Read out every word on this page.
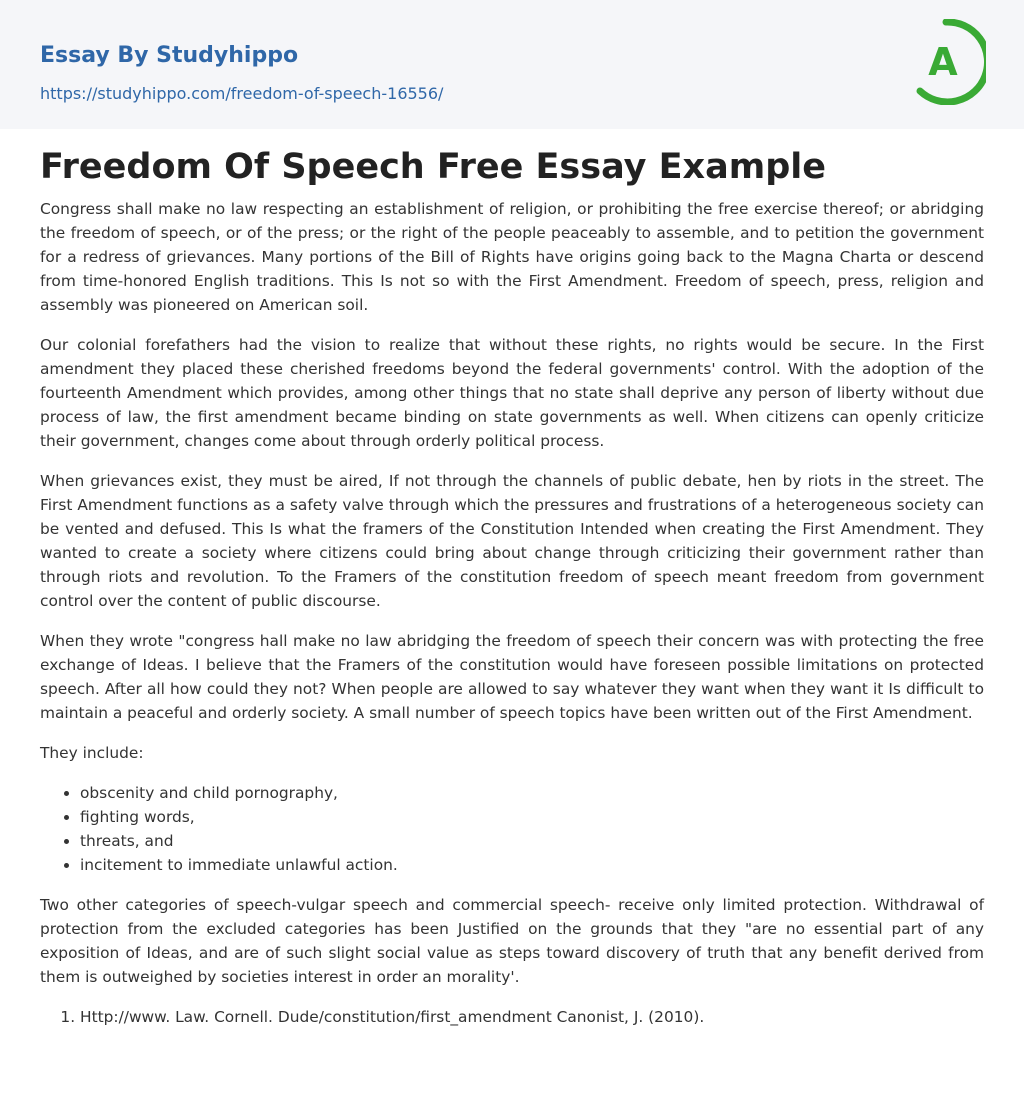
Essay By Studyhippo
https://studyhippo.com/freedom-of-speech-16556/
A
Freedom Of Speech Free Essay Example

Congress shall make no law respecting an establishment of religion, or prohibiting the free exercise thereof; or abridging the freedom of speech, or of the press; or the right of the people peaceably to assemble, and to petition the government for a redress of grievances. Many portions of the Bill of Rights have origins going back to the Magna Charta or descend from time-honored English traditions. This Is not so with the First Amendment. Freedom of speech, press, religion and assembly was pioneered on American soil.

Our colonial forefathers had the vision to realize that without these rights, no rights would be secure. In the First amendment they placed these cherished freedoms beyond the federal governments' control. With the adoption of the fourteenth Amendment which provides, among other things that no state shall deprive any person of liberty without due process of law, the first amendment became binding on state governments as well. When citizens can openly criticize their government, changes come about through orderly political process.

When grievances exist, they must be aired, If not through the channels of public debate, hen by riots in the street. The First Amendment functions as a safety valve through which the pressures and frustrations of a heterogeneous society can be vented and defused. This Is what the framers of the Constitution Intended when creating the First Amendment. They wanted to create a society where citizens could bring about change through criticizing their government rather than through riots and revolution. To the Framers of the constitution freedom of speech meant freedom from government control over the content of public discourse.

When they wrote "congress hall make no law abridging the freedom of speech their concern was with protecting the free exchange of Ideas. I believe that the Framers of the constitution would have foreseen possible limitations on protected speech. After all how could they not? When people are allowed to say whatever they want when they want it Is difficult to maintain a peaceful and orderly society. A small number of speech topics have been written out of the First Amendment.

They include:

• obscenity and child pornography,
• fighting words,
• threats, and
• incitement to immediate unlawful action.

Two other categories of speech-vulgar speech and commercial speech- receive only limited protection. Withdrawal of protection from the excluded categories has been Justified on the grounds that they "are no essential part of any exposition of Ideas, and are of such slight social value as steps toward discovery of truth that any benefit derived from them is outweighed by societies interest in order an morality'.

1. Http://www. Law. Cornell. Dude/constitution/first_amendment Canonist, J. (2010).
